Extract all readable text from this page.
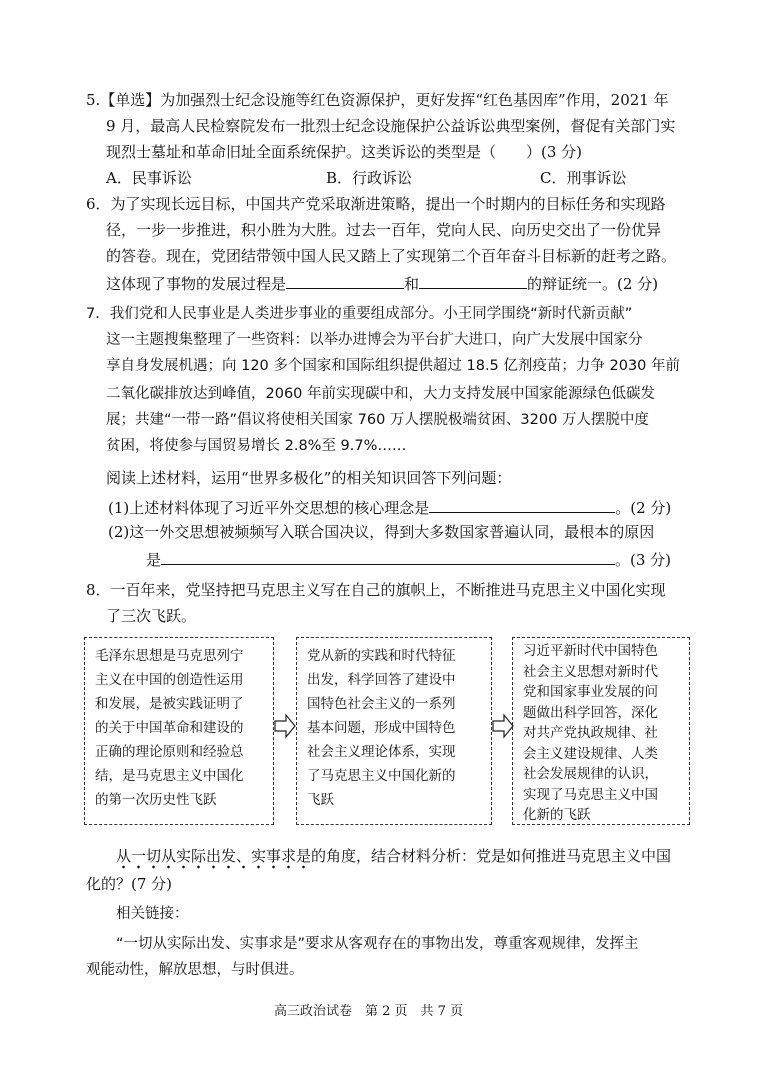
5.【单选】为加强烈士纪念设施等红色资源保护，更好发挥“红色基因库”作用，2021 年
9 月，最高人民检察院发布一批烈士纪念设施保护公益诉讼典型案例，督促有关部门实
现烈士墓址和革命旧址全面系统保护。这类诉讼的类型是（　　）(3 分)
A．民事诉讼	B．行政诉讼	C．刑事诉讼
6．为了实现长远目标，中国共产党采取渐进策略，提出一个时期内的目标任务和实现路
径，一步一步推进，积小胜为大胜。过去一百年，党向人民、向历史交出了一份优异
的答卷。现在，党团结带领中国人民又踏上了实现第二个百年奋斗目标新的赶考之路。
这体现了事物的发展过程是	和	的辩证统一。(2 分)
7．我们党和人民事业是人类进步事业的重要组成部分。小王同学围绕“新时代新贡献”
这一主题搜集整理了一些资料：以举办进博会为平台扩大进口，向广大发展中国家分
享自身发展机遇；向 120 多个国家和国际组织提供超过 18.5 亿剂疫苗；力争 2030 年前
二氧化碳排放达到峰值，2060 年前实现碳中和，大力支持发展中国家能源绿色低碳发
展；共建“一带一路”倡议将使相关国家 760 万人摆脱极端贫困、3200 万人摆脱中度
贫困，将使参与国贸易增长 2.8%至 9.7%……
阅读上述材料，运用“世界多极化”的相关知识回答下列问题：
(1)上述材料体现了习近平外交思想的核心理念是	。(2 分)
(2)这一外交思想被频频写入联合国决议，得到大多数国家普遍认同，最根本的原因
是	。(3 分)
8．一百年来，党坚持把马克思主义写在自己的旗帜上，不断推进马克思主义中国化实现
了三次飞跃。
毛泽东思想是马克思列宁
主义在中国的创造性运用
和发展，是被实践证明了
的关于中国革命和建设的
正确的理论原则和经验总
结，是马克思主义中国化
的第一次历史性飞跃
党从新的实践和时代特征
出发，科学回答了建设中
国特色社会主义的一系列
基本问题，形成中国特色
社会主义理论体系，实现
了马克思主义中国化新的
飞跃
习近平新时代中国特色
社会主义思想对新时代
党和国家事业发展的问
题做出科学回答，深化
对共产党执政规律、社
会主义建设规律、人类
社会发展规律的认识，
实现了马克思主义中国
化新的飞跃
从一切从实际出发、实事求是的角度，结合材料分析：党是如何推进马克思主义中国
化的？(7 分)
相关链接：
“一切从实际出发、实事求是”要求从客观存在的事物出发，尊重客观规律，发挥主
观能动性，解放思想，与时俱进。
高三政治试卷　第 2 页　共 7 页
